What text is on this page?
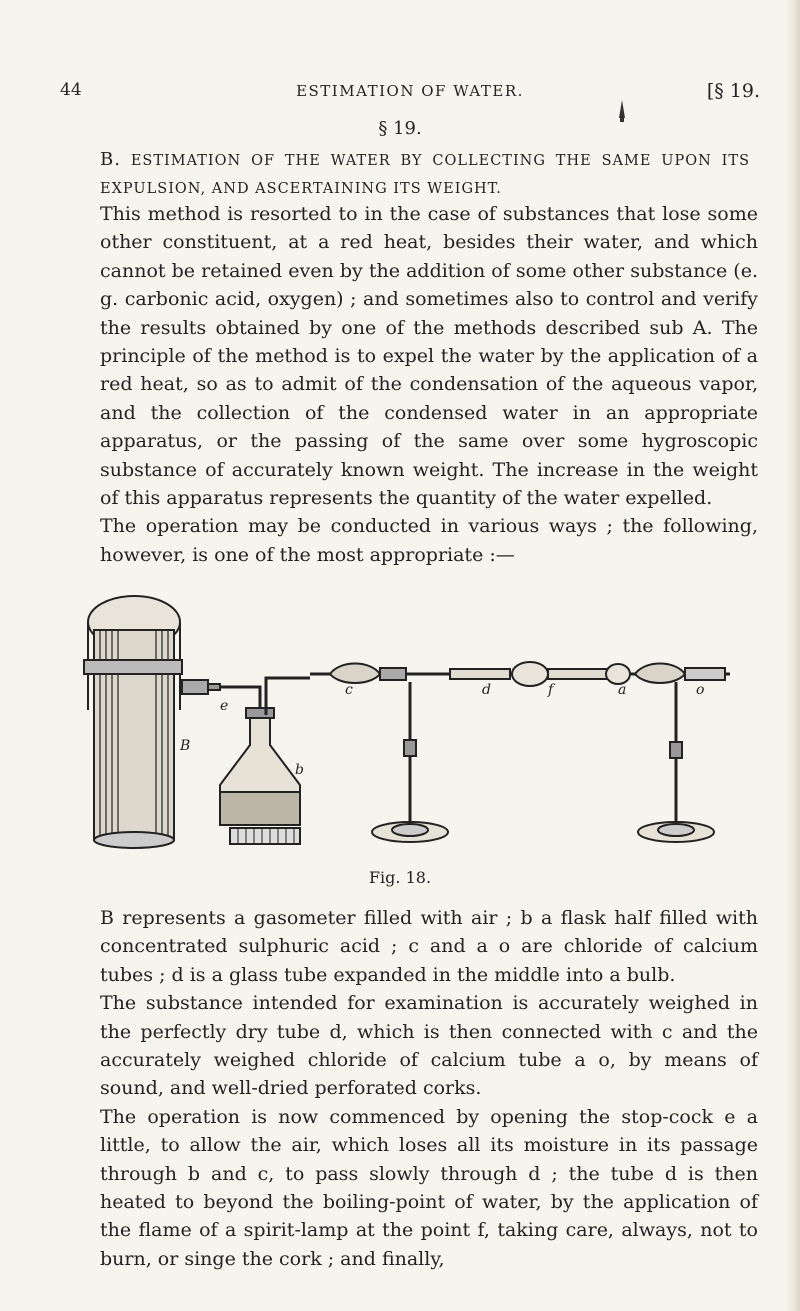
44	ESTIMATION OF WATER.	[§ 19.
§ 19.
B. ESTIMATION OF THE WATER BY COLLECTING THE SAME UPON ITS EXPULSION, AND ASCERTAINING ITS WEIGHT.

This method is resorted to in the case of substances that lose some other constituent, at a red heat, besides their water, and which cannot be retained even by the addition of some other substance (e. g. carbonic acid, oxygen) ; and sometimes also to control and verify the results obtained by one of the methods described sub A. The principle of the method is to expel the water by the application of a red heat, so as to admit of the condensation of the aqueous vapor, and the collection of the condensed water in an appropriate apparatus, or the passing of the same over some hygroscopic substance of accurately known weight. The increase in the weight of this apparatus represents the quantity of the water expelled.

The operation may be conducted in various ways ; the following, however, is one of the most appropriate :—

B
e
b
c	d	f	a	o
Fig. 18.

B represents a gasometer filled with air ; b a flask half filled with concentrated sulphuric acid ; c and a o are chloride of calcium tubes ; d is a glass tube expanded in the middle into a bulb.

The substance intended for examination is accurately weighed in the perfectly dry tube d, which is then connected with c and the accurately weighed chloride of calcium tube a o, by means of sound, and well-dried perforated corks.

The operation is now commenced by opening the stop-cock e a little, to allow the air, which loses all its moisture in its passage through b and c, to pass slowly through d ; the tube d is then heated to beyond the boiling-point of water, by the application of the flame of a spirit-lamp at the point f, taking care, always, not to burn, or singe the cork ; and finally,
